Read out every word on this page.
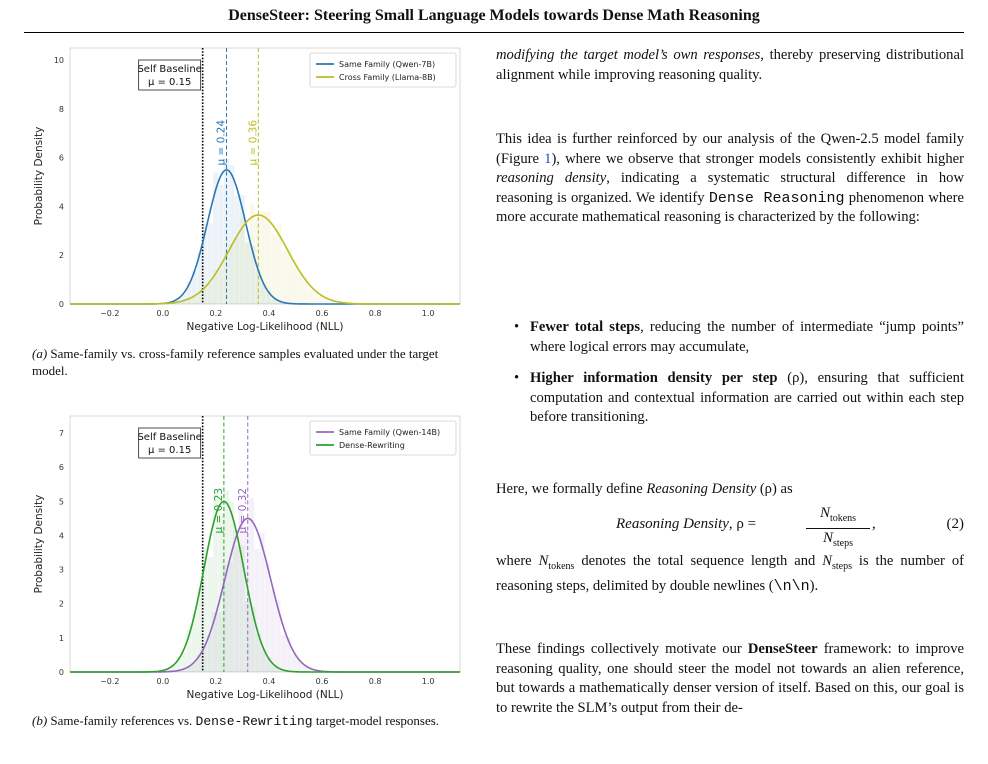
DenseSteer: Steering Small Language Models towards Dense Math Reasoning
0
2
4
6
8
10
−0.2	0.0	0.2	0.4	0.6	0.8	1.0
Negative Log-Likelihood (NLL)
Probability Density	μ = 0.24 μ = 0.36
Self Baseline
μ = 0.15
Same Family (Qwen-7B)
Cross Family (Llama-8B)
(a) Same-family vs. cross-family reference samples evaluated under the target model.
0
1
2
3
4
5
6
7
−0.2	0.0	0.2	0.4	0.6	0.8	1.0
Negative Log-Likelihood (NLL)
Probability Density	μ = 0.23 μ = 0.32
Self Baseline
μ = 0.15
Same Family (Qwen-14B)
Dense-Rewriting
(b) Same-family references vs. Dense-Rewriting target-model responses.

modifying the target model’s own responses, thereby preserving distributional alignment while improving reasoning quality.

This idea is further reinforced by our analysis of the Qwen-2.5 model family (Figure 1), where we observe that stronger models consistently exhibit higher reasoning density, indicating a systematic structural difference in how reasoning is organized. We identify Dense Reasoning phenomenon where more accurate mathematical reasoning is characterized by the following:

• Fewer total steps, reducing the number of intermediate “jump points” where logical errors may accumulate,
• Higher information density per step (ρ), ensuring that sufficient computation and contextual information are carried out within each step before transitioning.

Here, we formally define Reasoning Density (ρ) as

Reasoning Density, ρ =
$N_{tokens}$
$N_{steps}$
,	(2)

where $N_{tokens}$ denotes the total sequence length and $N_{steps}$ is the number of reasoning steps, delimited by double newlines (\n\n).

These findings collectively motivate our DenseSteer framework: to improve reasoning quality, one should steer the model not towards an alien reference, but towards a mathematically denser version of itself. Based on this, our goal is to rewrite the SLM’s output from their de-
